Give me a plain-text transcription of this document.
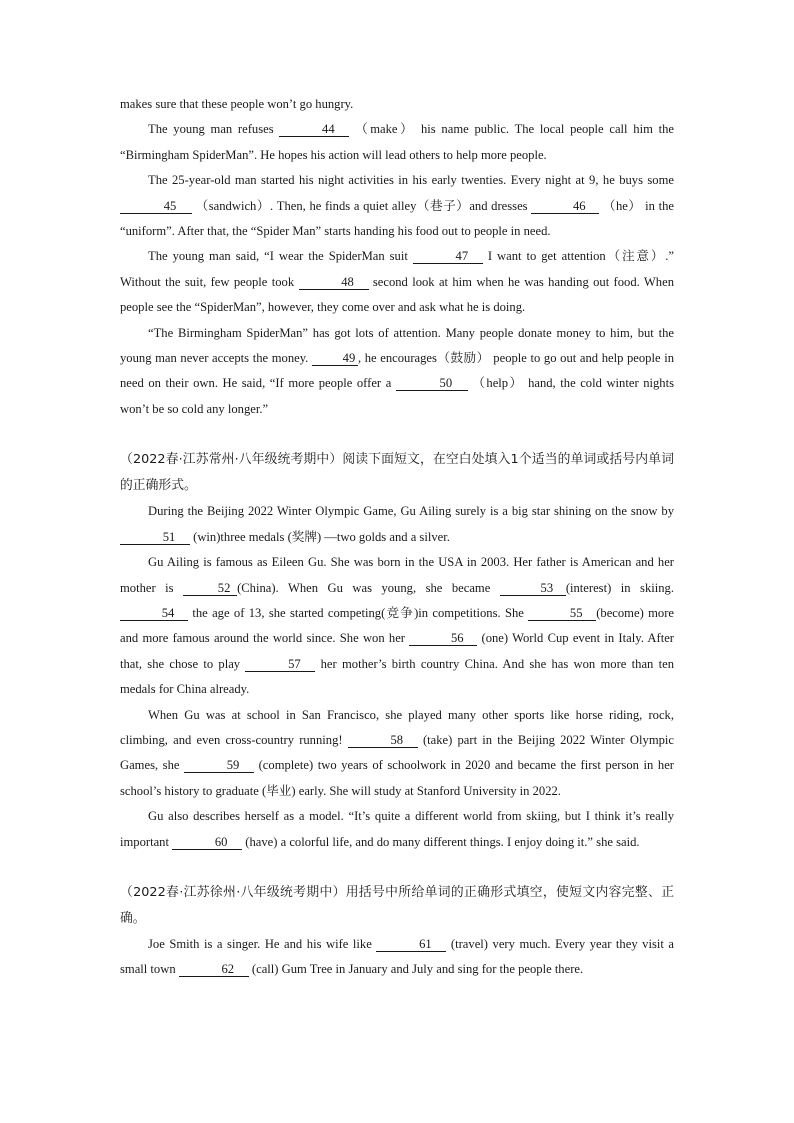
makes sure that these people won’t go hungry.

The young man refuses	44 （make） his name public. The local people call him the “Birmingham SpiderMan”. He hopes his action will lead others to help more people.

The 25-year-old man started his night activities in his early twenties. Every night at 9, he buys some 45 （sandwich）. Then, he finds a quiet alley（巷子）and dresses	46 （he） in the “uniform”. After that, the “Spider Man” starts handing his food out to people in need.

The young man said, “I wear the SpiderMan suit	47 I want to get attention（注意）.” Without the suit, few people took	48 second look at him when he was handing out food. When people see the “SpiderMan”, however, they come over and ask what he is doing.

“The Birmingham SpiderMan” has got lots of attention. Many people donate money to him, but the young man never accepts the money. 49 , he encourages（鼓励） people to go out and help people in need on their own. He said, “If more people offer a	50 （help） hand, the cold winter nights won’t be so cold any longer.”

（2022春·江苏常州·八年级统考期中）阅读下面短文，在空白处填入1个适当的单词或括号内单词的正确形式。

During the Beijing 2022 Winter Olympic Game, Gu Ailing surely is a big star shining on the snow by 51 (win)three medals (奖牌) —two golds and a silver.

Gu Ailing is famous as Eileen Gu. She was born in the USA in 2003. Her father is American and her mother is	52 (China). When Gu was young, she became	53 (interest) in skiing. 54 the age of 13, she started competing(竞争)in competitions. She	55 (become) more and more famous around the world since. She won her	56 (one) World Cup event in Italy. After that, she chose to play	57 her mother’s birth country China. And she has won more than ten medals for China already.

When Gu was at school in San Francisco, she played many other sports like horse riding, rock, climbing, and even cross-country running!	58 (take) part in the Beijing 2022 Winter Olympic Games, she	59 (complete) two years of schoolwork in 2020 and became the first person in her school’s history to graduate (毕业) early. She will study at Stanford University in 2022.

Gu also describes herself as a model. “It’s quite a different world from skiing, but I think it’s really important	60 (have) a colorful life, and do many different things. I enjoy doing it.” she said.

（2022春·江苏徐州·八年级统考期中）用括号中所给单词的正确形式填空，使短文内容完整、正确。

Joe Smith is a singer. He and his wife like	61 (travel) very much. Every year they visit a small town	62 (call) Gum Tree in January and July and sing for the people there.
